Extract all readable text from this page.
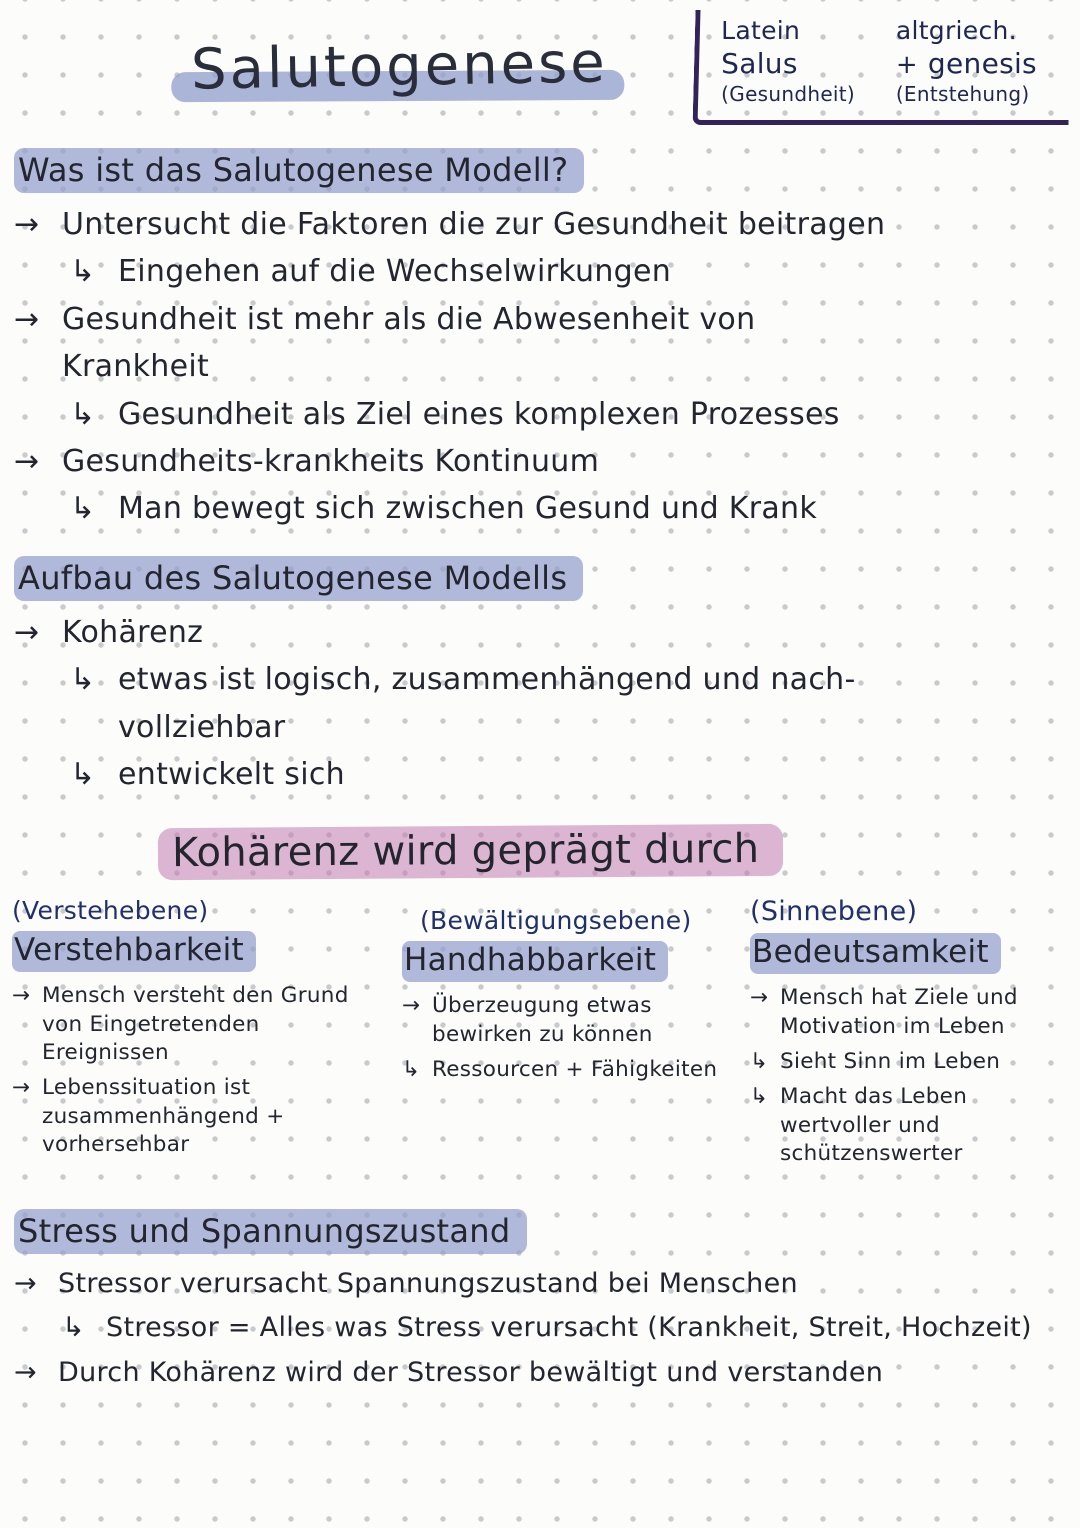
Salutogenese	Latein	altgriech.
Salus	+ genesis
(Gesundheit)	(Entstehung)
Was ist das Salutogenese Modell?
→ Untersucht die Faktoren die zur Gesundheit beitragen
↳ Eingehen auf die Wechselwirkungen
→ Gesundheit ist mehr als die Abwesenheit von
Krankheit
↳ Gesundheit als Ziel eines komplexen Prozesses
→ Gesundheits-krankheits Kontinuum
↳ Man bewegt sich zwischen Gesund und Krank
Aufbau des Salutogenese Modells
→ Kohärenz
↳ etwas ist logisch, zusammenhängend und nach-
vollziehbar
↳ entwickelt sich
Kohärenz wird geprägt durch
(Verstehebene)
Verstehbarkeit
→ Mensch versteht den Grund von Eingetretenden Ereignissen
→ Lebenssituation ist zusammenhängend + vorhersehbar
(Bewältigungsebene)
Handhabbarkeit
→ Überzeugung etwas bewirken zu können
↳ Ressourcen + Fähigkeiten
(Sinnebene)
Bedeutsamkeit
→ Mensch hat Ziele und Motivation im Leben
↳ Sieht Sinn im Leben
↳ Macht das Leben wertvoller und schützenswerter
Stress und Spannungszustand
→ Stressor verursacht Spannungszustand bei Menschen
↳ Stressor = Alles was Stress verursacht (Krankheit, Streit, Hochzeit)
→ Durch Kohärenz wird der Stressor bewältigt und verstanden
